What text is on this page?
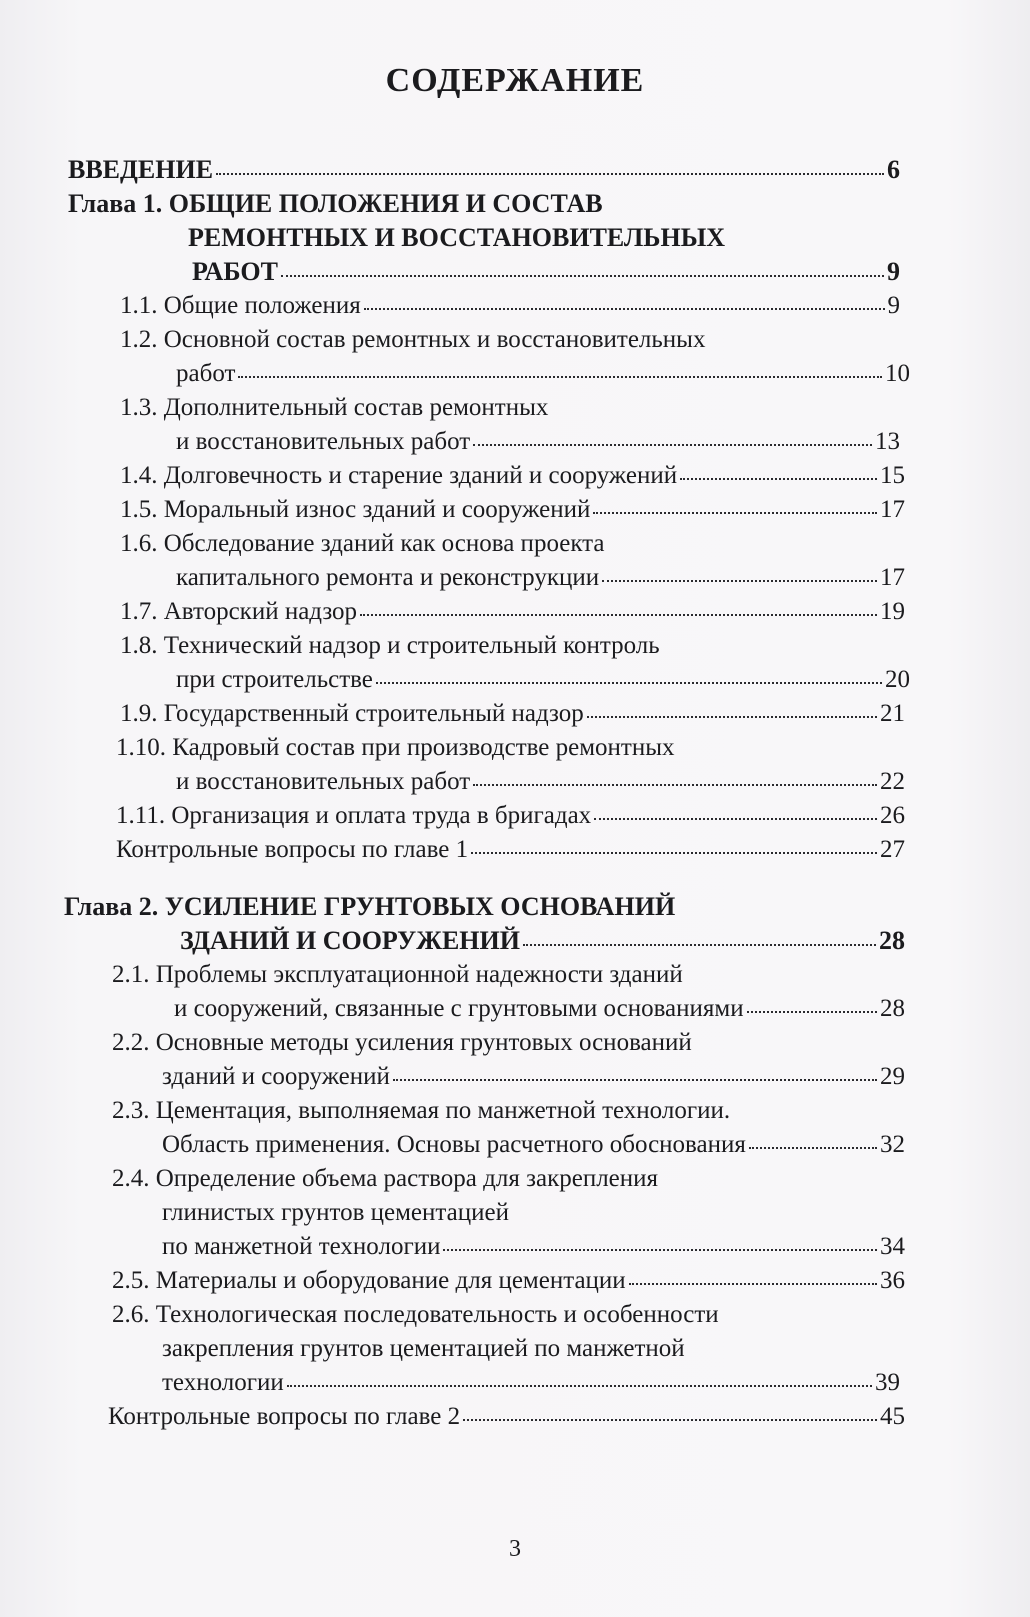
СОДЕРЖАНИЕ
ВВЕДЕНИЕ	6
Глава 1. ОБЩИЕ ПОЛОЖЕНИЯ И СОСТАВ
РЕМОНТНЫХ И ВОССТАНОВИТЕЛЬНЫХ
РАБОТ	9
1.1. Общие положения	9
1.2. Основной состав ремонтных и восстановительных
работ	10
1.3. Дополнительный состав ремонтных
и восстановительных работ	13
1.4. Долговечность и старение зданий и сооружений	15
1.5. Моральный износ зданий и сооружений	17
1.6. Обследование зданий как основа проекта
капитального ремонта и реконструкции	17
1.7. Авторский надзор	19
1.8. Технический надзор и строительный контроль
при строительстве	20
1.9. Государственный строительный надзор	21
1.10. Кадровый состав при производстве ремонтных
и восстановительных работ	22
1.11. Организация и оплата труда в бригадах	26
Контрольные вопросы по главе 1	27
Глава 2. УСИЛЕНИЕ ГРУНТОВЫХ ОСНОВАНИЙ
ЗДАНИЙ И СООРУЖЕНИЙ	28
2.1. Проблемы эксплуатационной надежности зданий
и сооружений, связанные с грунтовыми основаниями	28
2.2. Основные методы усиления грунтовых оснований
зданий и сооружений	29
2.3. Цементация, выполняемая по манжетной технологии.
Область применения. Основы расчетного обоснования	32
2.4. Определение объема раствора для закрепления
глинистых грунтов цементацией
по манжетной технологии	34
2.5. Материалы и оборудование для цементации	36
2.6. Технологическая последовательность и особенности
закрепления грунтов цементацией по манжетной
технологии	39
Контрольные вопросы по главе 2	45
3
